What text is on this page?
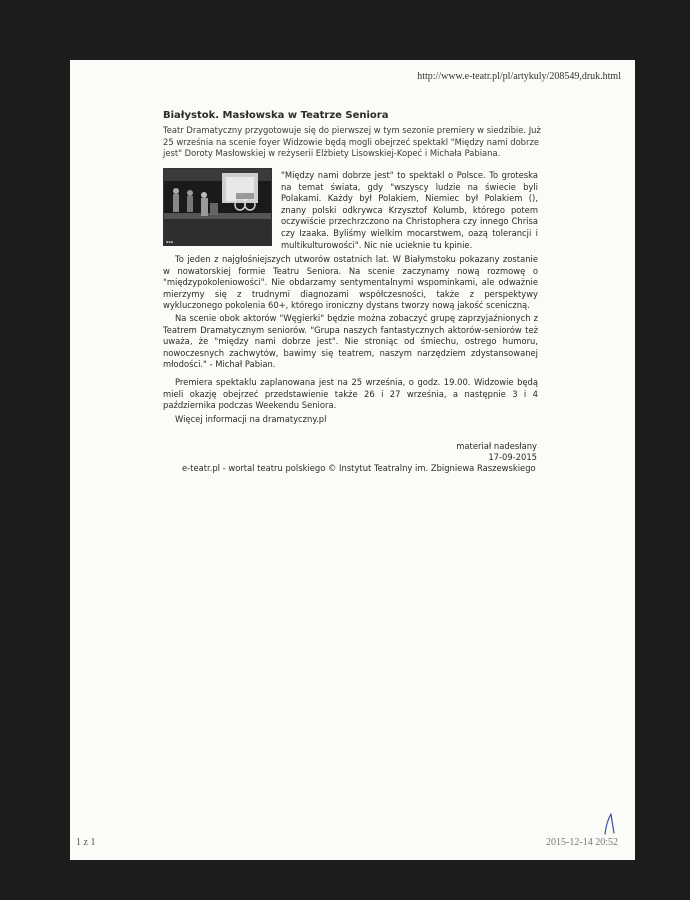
http://www.e-teatr.pl/pl/artykuly/208549,druk.html
Białystok. Masłowska w Teatrze Seniora
Teatr Dramatyczny przygotowuje się do pierwszej w tym sezonie premiery w siedzibie. Już 25 września na scenie foyer Widzowie będą mogli obejrzeć spektakl "Między nami dobrze jest" Doroty Masłowskiej w reżyserii Elżbiety Lisowskiej-Kopeć i Michała Pabiana.
▪▪▪
"Między nami dobrze jest" to spektakl o Polsce. To groteska na temat świata, gdy "wszyscy ludzie na świecie byli Polakami. Każdy był Polakiem, Niemiec był Polakiem (), znany polski odkrywca Krzysztof Kolumb, którego potem oczywiście przechrzczono na Christophera czy innego Chrisa czy Izaaka. Byliśmy wielkim mocarstwem, oazą tolerancji i multikulturowości". Nic nie ucieknie tu kpinie.
To jeden z najgłośniejszych utworów ostatnich lat. W Białymstoku pokazany zostanie w nowatorskiej formie Teatru Seniora. Na scenie zaczynamy nową rozmowę o "międzypokoleniowości". Nie obdarzamy sentymentalnymi wspominkami, ale odważnie mierzymy się z trudnymi diagnozami współczesności, także z perspektywy wykluczonego pokolenia 60+, którego ironiczny dystans tworzy nową jakość sceniczną.
Na scenie obok aktorów "Węgierki" będzie można zobaczyć grupę zaprzyjaźnionych z Teatrem Dramatycznym seniorów. "Grupa naszych fantastycznych aktorów-seniorów też uważa, że "między nami dobrze jest". Nie stroniąc od śmiechu, ostrego humoru, nowoczesnych zachwytów, bawimy się teatrem, naszym narzędziem zdystansowanej młodości." - Michał Pabian.
Premiera spektaklu zaplanowana jest na 25 września, o godz. 19.00. Widzowie będą mieli okazję obejrzeć przedstawienie także 26 i 27 września, a następnie 3 i 4 października podczas Weekendu Seniora.
Więcej informacji na dramatyczny.pl
materiał nadesłany
17-09-2015
e-teatr.pl - wortal teatru polskiego © Instytut Teatralny im. Zbigniewa Raszewskiego
1 z 1	2015-12-14 20:52
